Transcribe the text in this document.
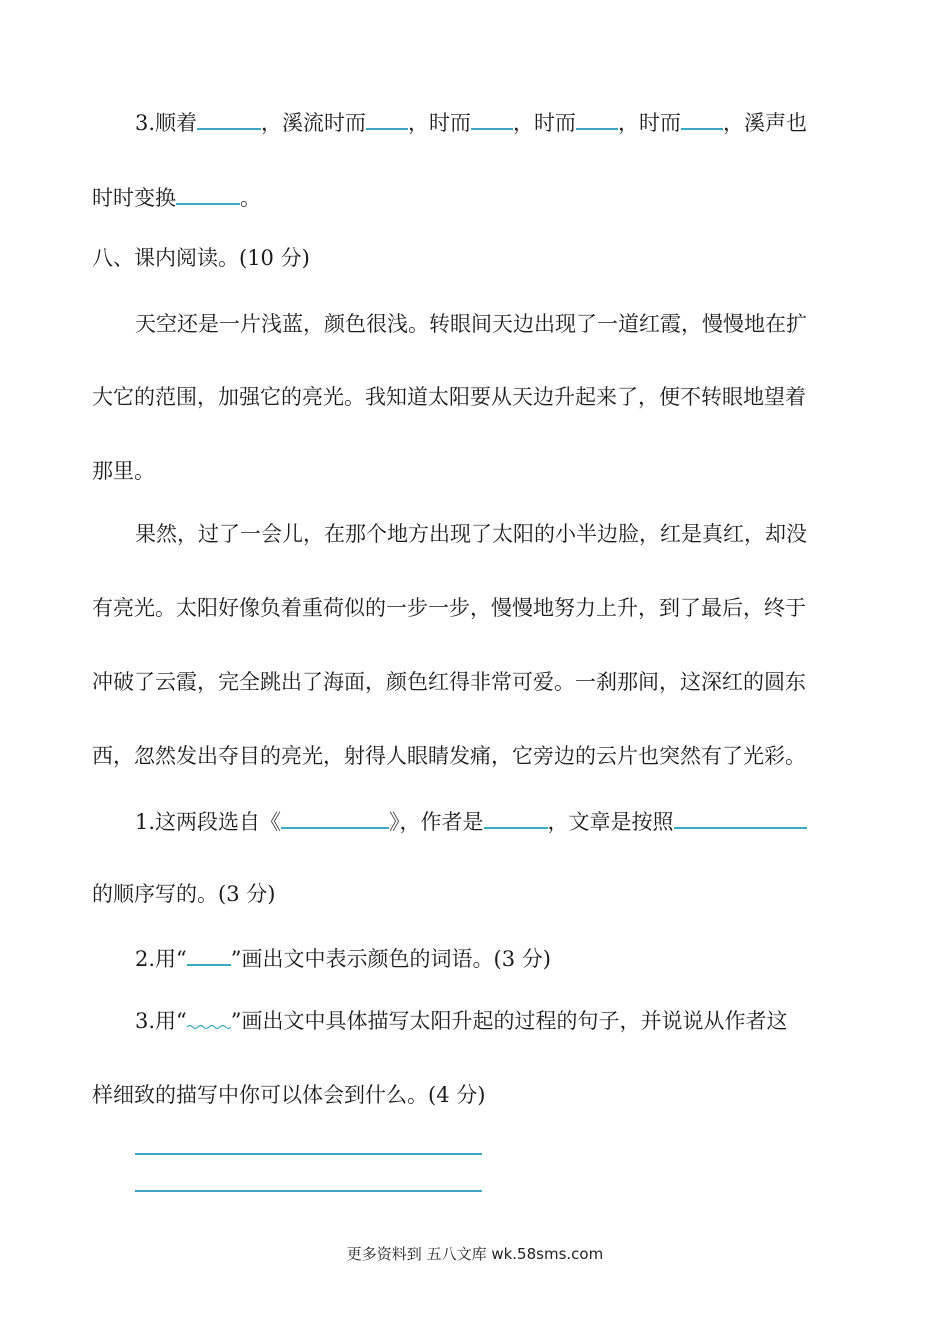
3.顺着	，溪流时而 ，时而 ，时而 ，时而 ，溪声也
时时变换	。
八、课内阅读。(10 分)
天空还是一片浅蓝，颜色很浅。转眼间天边出现了一道红霞，慢慢地在扩
大它的范围，加强它的亮光。我知道太阳要从天边升起来了，便不转眼地望着
那里。
果然，过了一会儿，在那个地方出现了太阳的小半边脸，红是真红，却没
有亮光。太阳好像负着重荷似的一步一步，慢慢地努力上升，到了最后，终于
冲破了云霞，完全跳出了海面，颜色红得非常可爱。一刹那间，这深红的圆东
西，忽然发出夺目的亮光，射得人眼睛发痛，它旁边的云片也突然有了光彩。
1.这两段选自《	》，作者是	，文章是按照
的顺序写的。(3 分)
2.用“ ”画出文中表示颜色的词语。(3 分)
3.用“ ”画出文中具体描写太阳升起的过程的句子，并说说从作者这
样细致的描写中你可以体会到什么。(4 分)
更多资料到 五八文库 wk.58sms.com
